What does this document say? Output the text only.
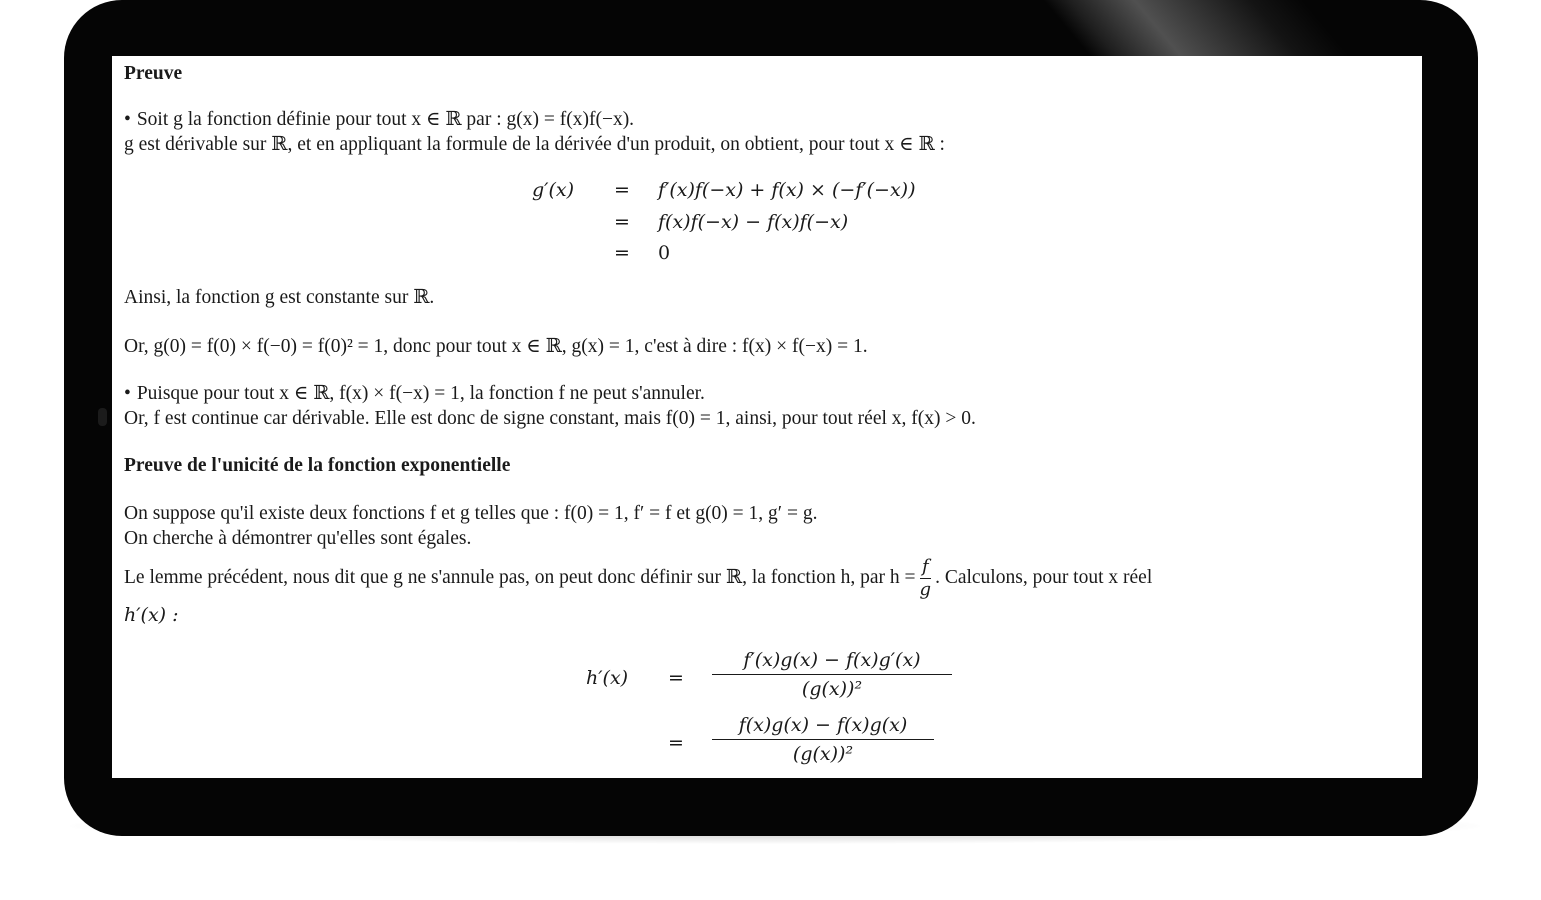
Preuve
• Soit g la fonction définie pour tout x ∈ ℝ par : g(x) = f(x)f(−x).
g est dérivable sur ℝ, et en appliquant la formule de la dérivée d'un produit, on obtient, pour tout x ∈ ℝ :
g′(x)	=	f′(x)f(−x) + f(x) × (−f′(−x))
=	f(x)f(−x) − f(x)f(−x)
=	0
Ainsi, la fonction g est constante sur ℝ.
Or, g(0) = f(0) × f(−0) = f(0)² = 1, donc pour tout x ∈ ℝ, g(x) = 1, c'est à dire : f(x) × f(−x) = 1.
• Puisque pour tout x ∈ ℝ, f(x) × f(−x) = 1, la fonction f ne peut s'annuler.
Or, f est continue car dérivable. Elle est donc de signe constant, mais f(0) = 1, ainsi, pour tout réel x, f(x) > 0.
Preuve de l'unicité de la fonction exponentielle
On suppose qu'il existe deux fonctions f et g telles que : f(0) = 1, f′ = f et g(0) = 1, g′ = g.
On cherche à démontrer qu'elles sont égales.
Le lemme précédent, nous dit que g ne s'annule pas, on peut donc définir sur ℝ, la fonction h, par $h = \frac{f}{g}$ . Calculons, pour tout x réel
h′(x) :
h′(x)	=	$\frac{f'(x)g(x) - f(x)g'(x)}{\text{(g(x))²}}$
=	$\frac{f(x)g(x) - f(x)g(x)}{\text{(g(x))²}}$
